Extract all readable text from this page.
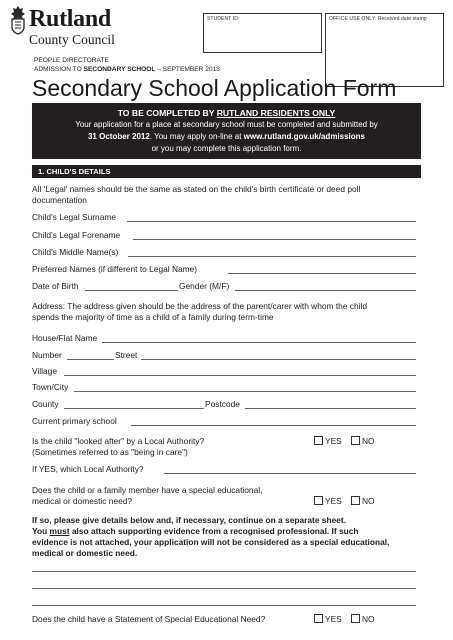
Rutland
County Council
STUDENT ID:	OFFICE USE ONLY: Received date stamp
PEOPLE DIRECTORATE
ADMISSION TO SECONDARY SCHOOL – SEPTEMBER 2013
Secondary School Application Form
TO BE COMPLETED BY RUTLAND RESIDENTS ONLY
Your application for a place at secondary school must be completed and submitted by
31 October 2012. You may apply on-line at www.rutland.gov.uk/admissions
or you may complete this application form.
1. CHILD'S DETAILS
All 'Legal' names should be the same as stated on the child's birth certificate or deed poll
documentation
Child's Legal Surname
Child's Legal Forename
Child's Middle Name(s)
Preferred Names (if different to Legal Name)
Date of Birth	Gender (M/F)
Address: The address given should be the address of the parent/carer with whom the child
spends the majority of time as a child of a family during term-time
House/Flat Name
Number	Street
Village
Town/City
County	Postcode
Current primary school
Is the child "looked after" by a Local Authority?
(Sometimes referred to as "being in care")
YES	NO
If YES, which Local Authority?
Does the child or a family member have a special educational,
medical or domestic need?	YES	NO
If so, please give details below and, if necessary, continue on a separate sheet.
You must also attach supporting evidence from a recognised professional. If such
evidence is not attached, your application will not be considered as a special educational,
medical or domestic need.
Does the child have a Statement of Special Educational Need?	YES	NO
